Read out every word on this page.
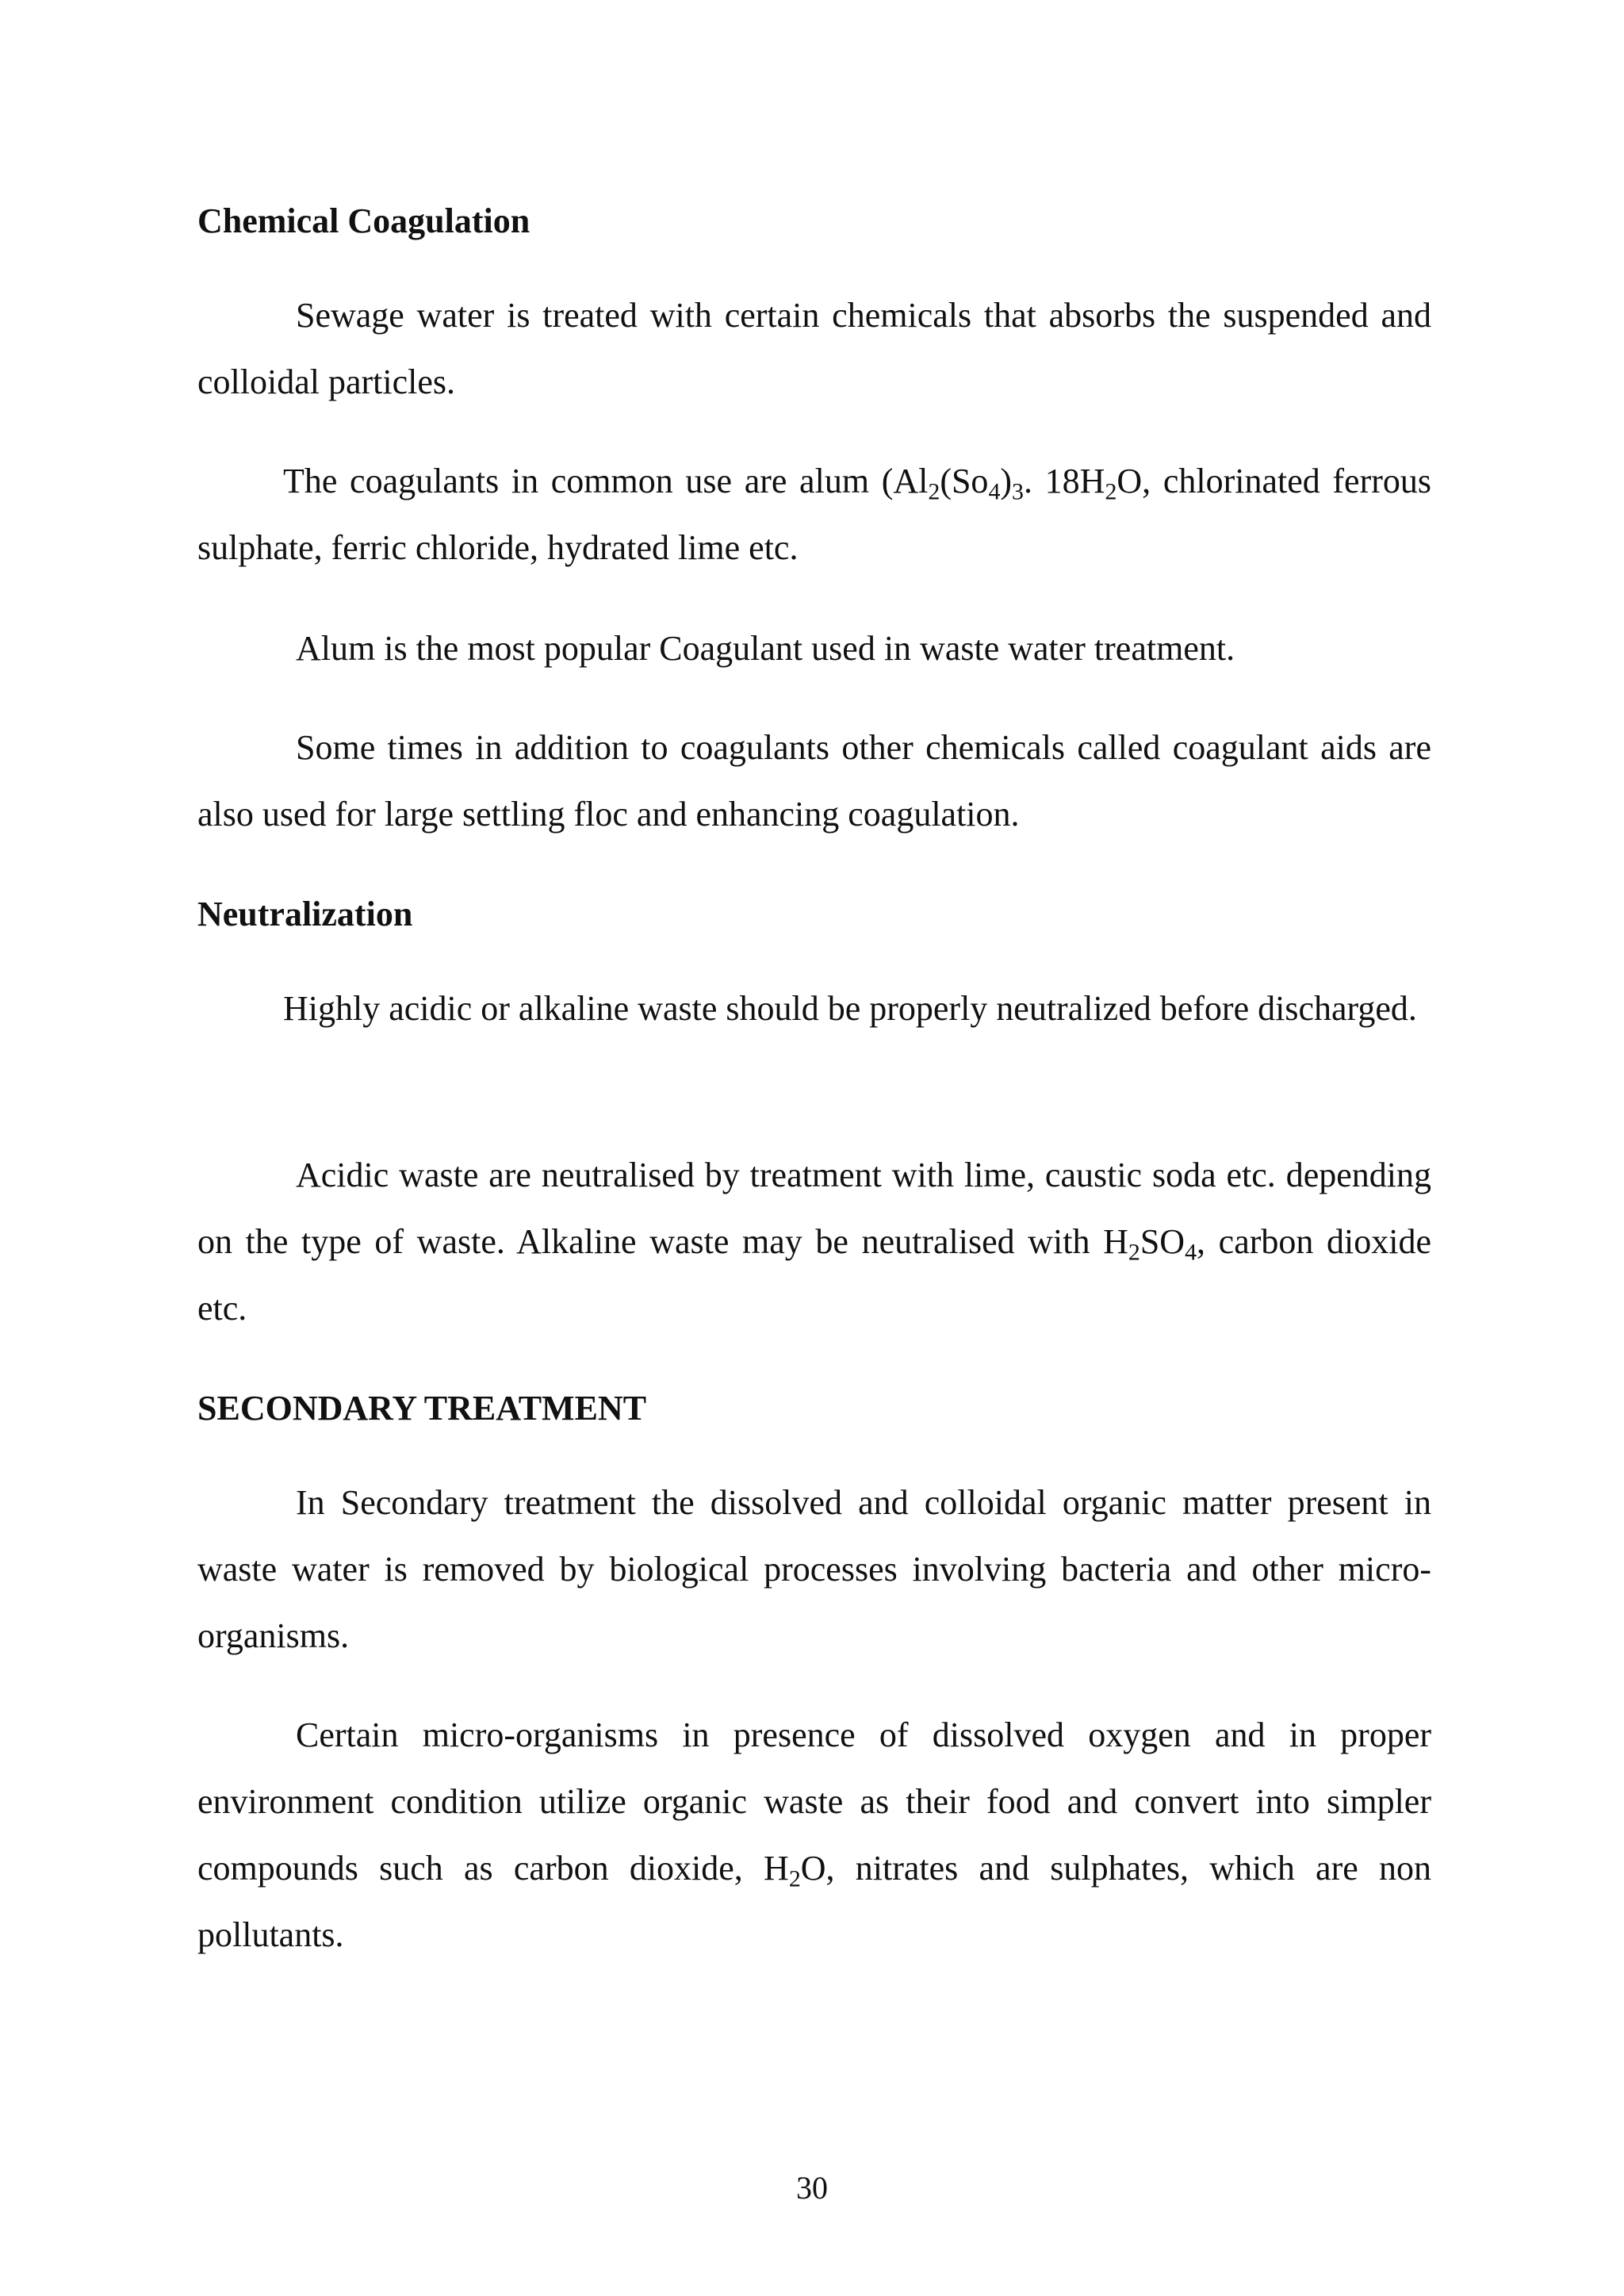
Chemical Coagulation

Sewage water is treated with certain chemicals that absorbs the suspended and colloidal particles.

The coagulants in common use are alum ($Al_2(So_4)_3$. $18H_2O$, chlorinated ferrous sulphate, ferric chloride, hydrated lime etc.

Alum is the most popular Coagulant used in waste water treatment.

Some times in addition to coagulants other chemicals called coagulant aids are also used for large settling floc and enhancing coagulation.

Neutralization

Highly acidic or alkaline waste should be properly neutralized before discharged.

Acidic waste are neutralised by treatment with lime, caustic soda etc. depending on the type of waste. Alkaline waste may be neutralised with $H_2SO_4$, carbon dioxide etc.

SECONDARY TREATMENT

In Secondary treatment the dissolved and colloidal organic matter present in waste water is removed by biological processes involving bacteria and other micro-organisms.

Certain micro-organisms in presence of dissolved oxygen and in proper environment condition utilize organic waste as their food and convert into simpler compounds such as carbon dioxide, $H_2O$, nitrates and sulphates, which are non pollutants.

30
